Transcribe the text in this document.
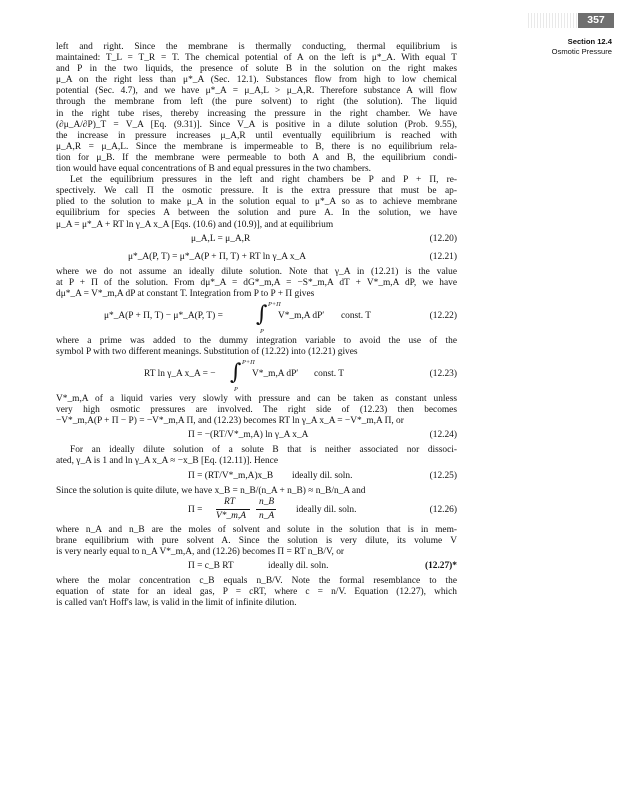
357
Section 12.4
Osmotic Pressure
left and right. Since the membrane is thermally conducting, thermal equilibrium is
maintained: T_L = T_R = T. The chemical potential of A on the left is μ*_A. With equal T
and P in the two liquids, the presence of solute B in the solution on the right makes
μ_A on the right less than μ*_A (Sec. 12.1). Substances flow from high to low chemical
potential (Sec. 4.7), and we have μ*_A = μ_A,L > μ_A,R. Therefore substance A will flow
through the membrane from left (the pure solvent) to right (the solution). The liquid
in the right tube rises, thereby increasing the pressure in the right chamber. We have
(∂μ_A/∂P)_T = V̄_A [Eq. (9.31)]. Since V̄_A is positive in a dilute solution (Prob. 9.55),
the increase in pressure increases μ_A,R until eventually equilibrium is reached with
μ_A,R = μ_A,L. Since the membrane is impermeable to B, there is no equilibrium rela-
tion for μ_B. If the membrane were permeable to both A and B, the equilibrium condi-
tion would have equal concentrations of B and equal pressures in the two chambers.
Let the equilibrium pressures in the left and right chambers be P and P + Π, re-
spectively. We call Π the osmotic pressure. It is the extra pressure that must be ap-
plied to the solution to make μ_A in the solution equal to μ*_A so as to achieve membrane
equilibrium for species A between the solution and pure A. In the solution, we have
μ_A = μ*_A + RT ln γ_A x_A [Eqs. (10.6) and (10.9)], and at equilibrium
μ_A,L = μ_A,R	(12.20)
μ*_A(P, T) = μ*_A(P + Π, T) + RT ln γ_A x_A	(12.21)
where we do not assume an ideally dilute solution. Note that γ_A in (12.21) is the value
at P + Π of the solution. From dμ*_A = dG*_m,A = −S*_m,A dT + V*_m,A dP, we have
dμ*_A = V*_m,A dP at constant T. Integration from P to P + Π gives
μ*_A(P + Π, T) − μ*_A(P, T) = ∫ P+Π
P
V*_m,A dP′ const. T	(12.22)
where a prime was added to the dummy integration variable to avoid the use of the
symbol P with two different meanings. Substitution of (12.22) into (12.21) gives
RT ln γ_A x_A = − ∫ P+Π
P
V*_m,A dP′ const. T	(12.23)
V*_m,A of a liquid varies very slowly with pressure and can be taken as constant unless
very high osmotic pressures are involved. The right side of (12.23) then becomes
−V*_m,A(P + Π − P) = −V*_m,A Π, and (12.23) becomes RT ln γ_A x_A = −V*_m,A Π, or
Π = −(RT/V*_m,A) ln γ_A x_A	(12.24)
For an ideally dilute solution of a solute B that is neither associated nor dissoci-
ated, γ_A is 1 and ln γ_A x_A ≈ −x_B [Eq. (12.11)]. Hence
Π = (RT/V*_m,A)x_B ideally dil. soln.	(12.25)
Since the solution is quite dilute, we have x_B = n_B/(n_A + n_B) ≈ n_B/n_A and
Π =
RT
V*_m,A
n_B
n_A
ideally dil. soln.	(12.26)
where n_A and n_B are the moles of solvent and solute in the solution that is in mem-
brane equilibrium with pure solvent A. Since the solution is very dilute, its volume V
is very nearly equal to n_A V*_m,A, and (12.26) becomes Π = RT n_B/V, or
Π = c_B RT	ideally dil. soln.	(12.27)*
where the molar concentration c_B equals n_B/V. Note the formal resemblance to the
equation of state for an ideal gas, P = cRT, where c = n/V. Equation (12.27), which
is called van't Hoff's law, is valid in the limit of infinite dilution.
